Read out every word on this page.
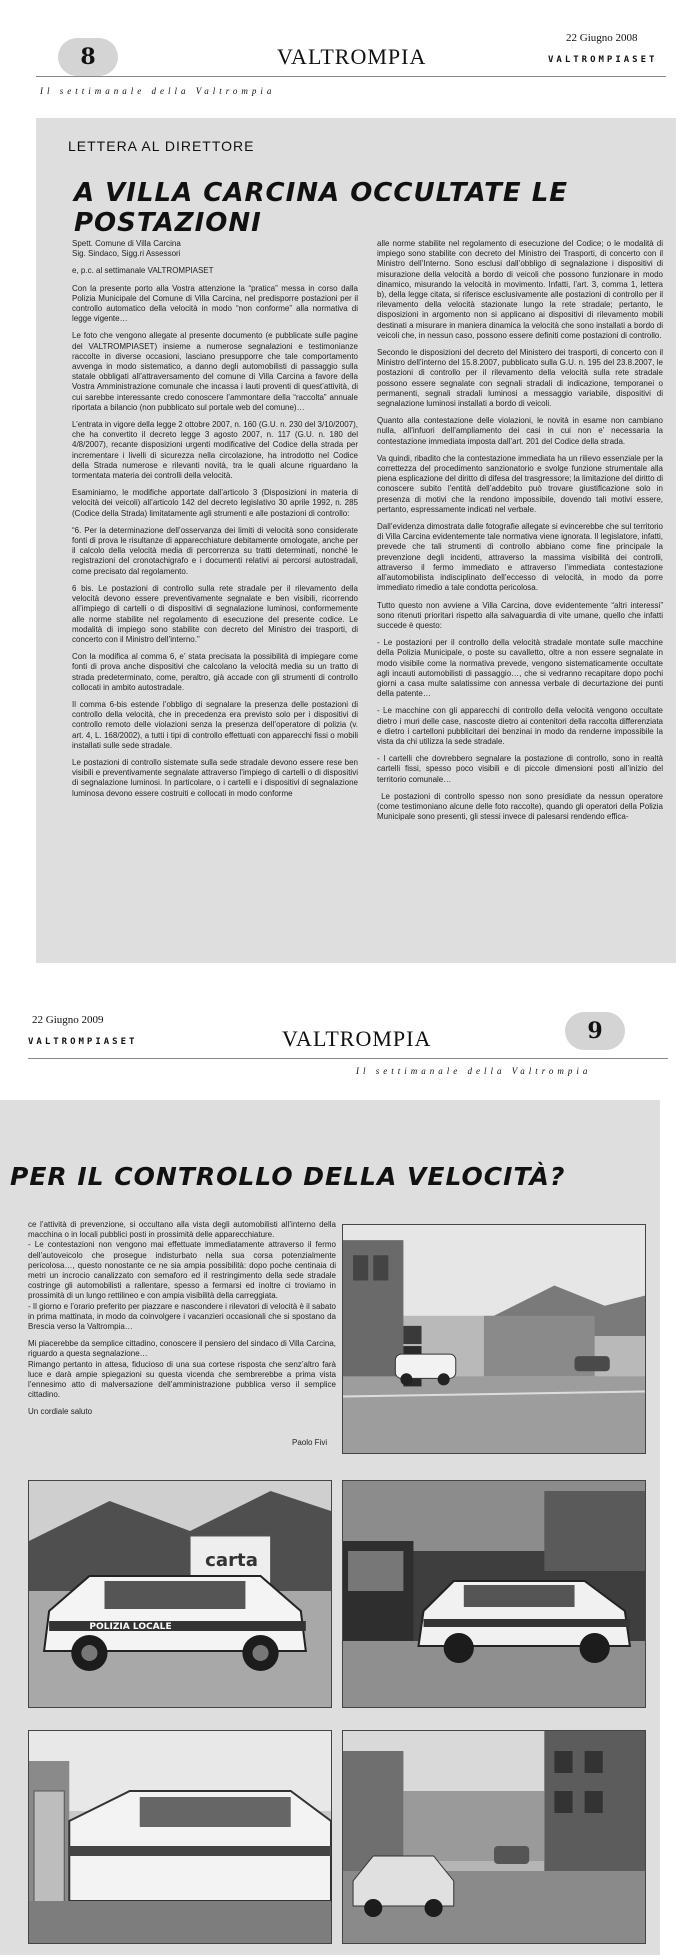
8	VALTROMPIA
22 Giugno 2008
VALTROMPIASET
Il settimanale della Valtrompia
LETTERA AL DIRETTORE
A VILLA CARCINA OCCULTATE LE POSTAZIONI

Spett. Comune di Villa Carcina
Sig. Sindaco, Sigg.ri Assessori

e, p.c. al settimanale VALTROMPIASET

Con la presente porto alla Vostra attenzione la “pratica” messa in corso dalla Polizia Municipale del Comune di Villa Carcina, nel predisporre postazioni per il controllo automatico della velocità in modo “non conforme” alla normativa di legge vigente…

Le foto che vengono allegate al presente documento (e pubblicate sulle pagine del VALTROMPIASET) insieme a numerose segnalazioni e testimonianze raccolte in diverse occasioni, lasciano presupporre che tale comportamento avvenga in modo sistematico, a danno degli automobilisti di passaggio sulla statale obbligati all’attraversamento del comune di Villa Carcina a favore della Vostra Amministrazione comunale che incassa i lauti proventi di quest’attività, di cui sarebbe interessante credo conoscere l’ammontare della “raccolta” annuale riportata a bilancio (non pubblicato sul portale web del comune)…

L’entrata in vigore della legge 2 ottobre 2007, n. 160 (G.U. n. 230 del 3/10/2007), che ha convertito il decreto legge 3 agosto 2007, n. 117 (G.U. n. 180 del 4/8/2007), recante disposizioni urgenti modificative del Codice della strada per incrementare i livelli di sicurezza nella circolazione, ha introdotto nel Codice della Strada numerose e rilevanti novità, tra le quali alcune riguardano la tormentata materia dei controlli della velocità.

Esaminiamo, le modifiche apportate dall’articolo 3 (Disposizioni in materia di velocità dei veicoli) all’articolo 142 del decreto legislativo 30 aprile 1992, n. 285 (Codice della Strada) limitatamente agli strumenti e alle postazioni di controllo:

“6. Per la determinazione dell’osservanza dei limiti di velocità sono considerate fonti di prova le risultanze di apparecchiature debitamente omologate, anche per il calcolo della velocità media di percorrenza su tratti determinati, nonché le registrazioni del cronotachigrafo e i documenti relativi ai percorsi autostradali, come precisato dal regolamento.

6 bis. Le postazioni di controllo sulla rete stradale per il rilevamento della velocità devono essere preventivamente segnalate e ben visibili, ricorrendo all’impiego di cartelli o di dispositivi di segnalazione luminosi, conformemente alle norme stabilite nel regolamento di esecuzione del presente codice. Le modalità di impiego sono stabilite con decreto del Ministro dei trasporti, di concerto con il Ministro dell’interno.”

Con la modifica al comma 6, e’ stata precisata la possibilità di impiegare come fonti di prova anche dispositivi che calcolano la velocità media su un tratto di strada predeterminato, come, peraltro, già accade con gli strumenti di controllo collocati in ambito autostradale.

Il comma 6-bis estende l’obbligo di segnalare la presenza delle postazioni di controllo della velocità, che in precedenza era previsto solo per i dispositivi di controllo remoto delle violazioni senza la presenza dell’operatore di polizia (v. art. 4, L. 168/2002), a tutti i tipi di controllo effettuati con apparecchi fissi o mobili installati sulle sede stradale.

Le postazioni di controllo sistemate sulla sede stradale devono essere rese ben visibili e preventivamente segnalate attraverso l’impiego di cartelli o di dispositivi di segnalazione luminosi. In particolare, o i cartelli e i dispositivi di segnalazione luminosa devono essere costruiti e collocati in modo conforme

alle norme stabilite nel regolamento di esecuzione del Codice; o le modalità di impiego sono stabilite con decreto del Ministro dei Trasporti, di concerto con il Ministro dell’Interno. Sono esclusi dall’obbligo di segnalazione i dispositivi di misurazione della velocità a bordo di veicoli che possono funzionare in modo dinamico, misurando la velocità in movimento. Infatti, l’art. 3, comma 1, lettera b), della legge citata, si riferisce esclusivamente alle postazioni di controllo per il rilevamento della velocità stazionate lungo la rete stradale; pertanto, le disposizioni in argomento non si applicano ai dispositivi di rilevamento mobili destinati a misurare in maniera dinamica la velocità che sono installati a bordo di veicoli che, in nessun caso, possono essere definiti come postazioni di controllo.

Secondo le disposizioni del decreto del Ministero dei trasporti, di concerto con il Ministro dell’interno del 15.8.2007, pubblicato sulla G.U. n. 195 del 23.8.2007, le postazioni di controllo per il rilevamento della velocità sulla rete stradale possono essere segnalate con segnali stradali di indicazione, temporanei o permanenti, segnali stradali luminosi a messaggio variabile, dispositivi di segnalazione luminosi installati a bordo di veicoli.

Quanto alla contestazione delle violazioni, le novità in esame non cambiano nulla, all’infuori dell’ampliamento dei casi in cui non e’ necessaria la contestazione immediata imposta dall’art. 201 del Codice della strada.

Va quindi, ribadito che la contestazione immediata ha un rilievo essenziale per la correttezza del procedimento sanzionatorio e svolge funzione strumentale alla piena esplicazione del diritto di difesa del trasgressore; la limitazione del diritto di conoscere subito l’entità dell’addebito può trovare giustificazione solo in presenza di motivi che la rendono impossibile, dovendo tali motivi essere, pertanto, espressamente indicati nel verbale.

Dall’evidenza dimostrata dalle fotografie allegate si evincerebbe che sul territorio di Villa Carcina evidentemente tale normativa viene ignorata. Il legislatore, infatti, prevede che tali strumenti di controllo abbiano come fine principale la prevenzione degli incidenti, attraverso la massima visibilità dei controlli, attraverso il fermo immediato e attraverso l’immediata contestazione all’automobilista indisciplinato dell’eccesso di velocità, in modo da porre immediato rimedio a tale condotta pericolosa.

Tutto questo non avviene a Villa Carcina, dove evidentemente “altri interessi” sono ritenuti prioritari rispetto alla salvaguardia di vite umane, quello che infatti succede è questo:

- Le postazioni per il controllo della velocità stradale montate sulle macchine della Polizia Municipale, o poste su cavalletto, oltre a non essere segnalate in modo visibile come la normativa prevede, vengono sistematicamente occultate agli incauti automobilisti di passaggio…, che si vedranno recapitare dopo pochi giorni a casa multe salatissime con annessa verbale di decurtazione dei punti della patente…

- Le macchine con gli apparecchi di controllo della velocità vengono occultate dietro i muri delle case, nascoste dietro ai contenitori della raccolta differenziata e dietro i cartelloni pubblicitari dei benzinai in modo da renderne impossibile la vista da chi utilizza la sede stradale.

- I cartelli che dovrebbero segnalare la postazione di controllo, sono in realtà cartelli fissi, spesso poco visibili e di piccole dimensioni posti all’inizio del territorio comunale…

Le postazioni di controllo spesso non sono presidiate da nessun operatore (come testimoniano alcune delle foto raccolte), quando gli operatori della Polizia Municipale sono presenti, gli stessi invece di palesarsi rendendo effica-

22 Giugno 2009
VALTROMPIASET	VALTROMPIA	9
Il settimanale della Valtrompia
PER IL CONTROLLO DELLA VELOCITÀ?

ce l’attività di prevenzione, si occultano alla vista degli automobilisti all’interno della macchina o in locali pubblici posti in prossimità delle apparecchiature.
- Le contestazioni non vengono mai effettuate immediatamente attraverso il fermo dell’autoveicolo che prosegue indisturbato nella sua corsa potenzialmente pericolosa…, questo nonostante ce ne sia ampia possibilità: dopo poche centinaia di metri un incrocio canalizzato con semaforo ed il restringimento della sede stradale costringe gli automobilisti a rallentare, spesso a fermarsi ed inoltre ci troviamo in prossimità di un lungo rettilineo e con ampia visibilità della carreggiata.
- Il giorno e l’orario preferito per piazzare e nascondere i rilevatori di velocità è il sabato in prima mattinata, in modo da coinvolgere i vacanzieri occasionali che si spostano da Brescia verso la Valtrompia…

Mi piacerebbe da semplice cittadino, conoscere il pensiero del sindaco di Villa Carcina, riguardo a questa segnalazione…
Rimango pertanto in attesa, fiducioso di una sua cortese risposta che senz’altro farà luce e darà ampie spiegazioni su questa vicenda che sembrerebbe a prima vista l’ennesimo atto di malversazione dell’amministrazione pubblica verso il semplice cittadino.

Un cordiale saluto

Paolo Fivi
carta
POLIZIA LOCALE
